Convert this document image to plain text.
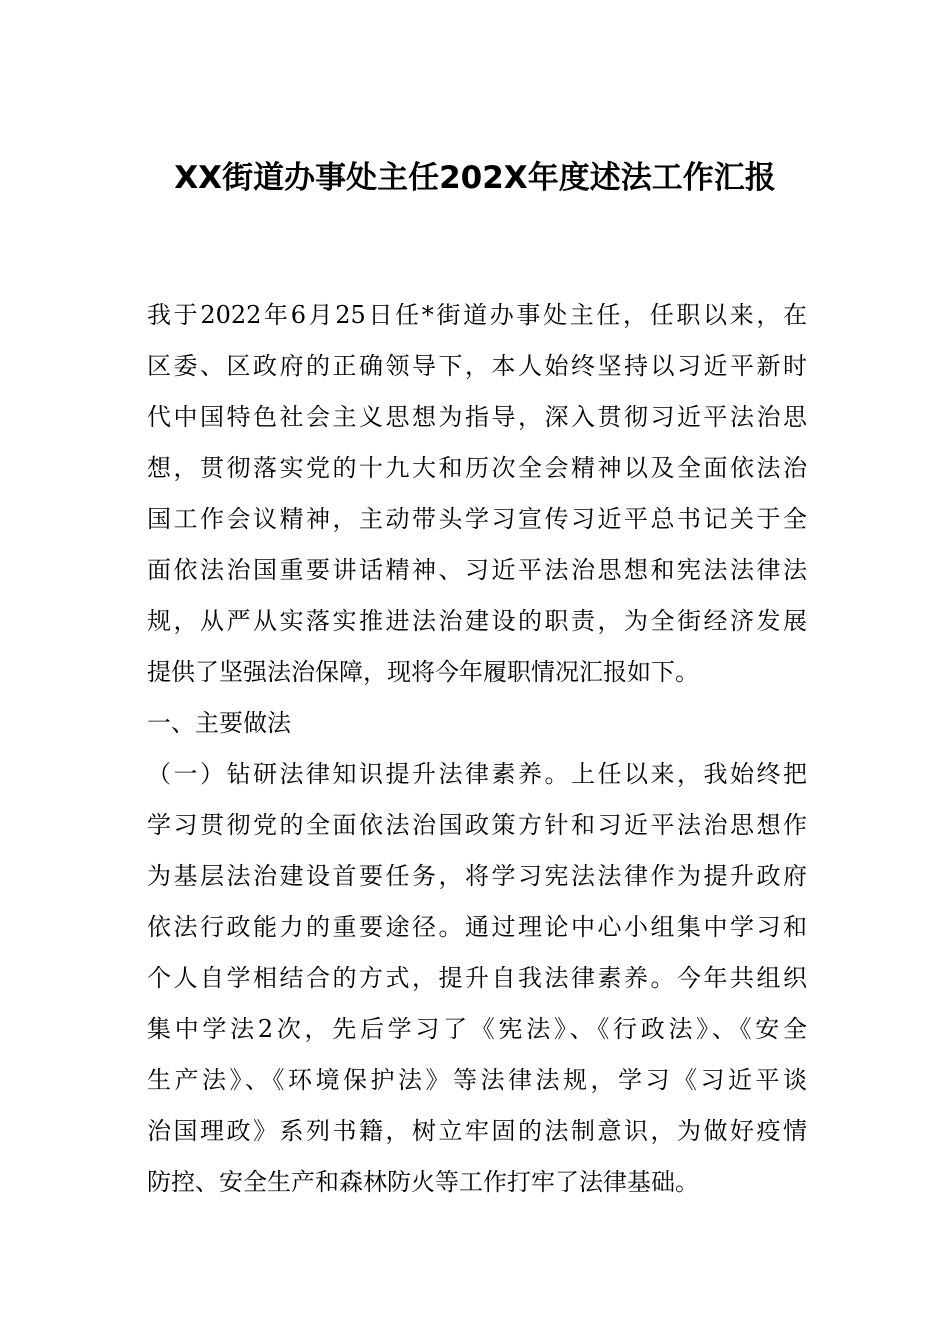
XX街道办事处主任202X年度述法工作汇报

我于2022年6月25日任*街道办事处主任，任职以来，在

区委、区政府的正确领导下，本人始终坚持以习近平新时

代中国特色社会主义思想为指导，深入贯彻习近平法治思

想，贯彻落实党的十九大和历次全会精神以及全面依法治

国工作会议精神，主动带头学习宣传习近平总书记关于全

面依法治国重要讲话精神、习近平法治思想和宪法法律法

规，从严从实落实推进法治建设的职责，为全街经济发展

提供了坚强法治保障，现将今年履职情况汇报如下。

一、主要做法

（一）钻研法律知识提升法律素养。上任以来，我始终把

学习贯彻党的全面依法治国政策方针和习近平法治思想作

为基层法治建设首要任务，将学习宪法法律作为提升政府

依法行政能力的重要途径。通过理论中心小组集中学习和

个人自学相结合的方式，提升自我法律素养。今年共组织

集中学法2次，先后学习了《宪法》、《行政法》、《安全

生产法》、《环境保护法》等法律法规，学习《习近平谈

治国理政》系列书籍，树立牢固的法制意识，为做好疫情

防控、安全生产和森林防火等工作打牢了法律基础。
